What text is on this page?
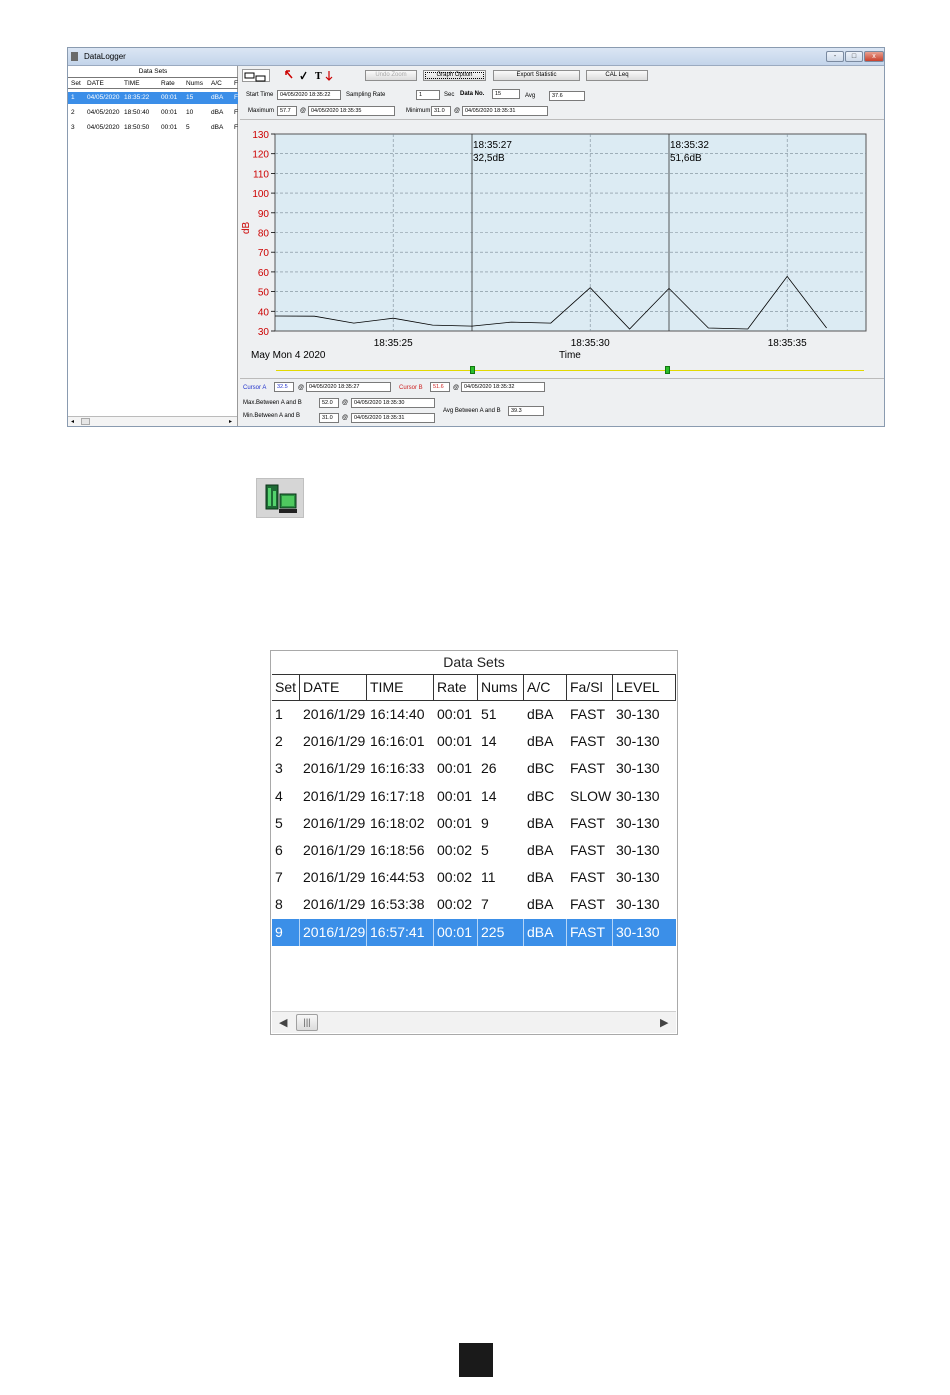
DataLogger	-	□	x
Data Sets
Set DATE	TIME	Rate Nums A/C F
1 04/05/2020 18:35:22 00:01 15	dBA F
2 04/05/2020 18:50:40 00:01 10	dBA F
3 04/05/2020 18:50:50 00:01 5	dBA F
◂	▸
T	Undo Zoom	Graph Option	Export Statistic	CAL Leq
Start Time	04/05/2020 18:35:22	Sampling Rate	1	Sec Data No.	15	Avg	37.6
Maximum	57.7	@ 04/05/2020 18:35:35	Minimum 31.0	@ 04/05/2020 18:35:31
Cursor A	32.5	@ 04/05/2020 18:35:27	Cursor B	51.6	@ 04/05/2020 18:35:32
Max.Between A and B	52.0	@	04/05/2020 18:35:30
Avg Between A and B	39.3
Min.Between A and B	31.0	@	04/05/2020 18:35:31
30
40
50
60
70
80
90
100
110
120
130
18:35:25	18:35:30	18:35:35
18:35:27
32,5dB
18:35:32
51,6dB
dB
May Mon 4 2020	Time
Data Sets
Set DATE TIME Rate Nums A/C Fa/Sl LEVEL
1 2016/1/29 16:14:40 00:01 51 dBA FAST 30-130
2 2016/1/29 16:16:01 00:01 14 dBA FAST 30-130
3 2016/1/29 16:16:33 00:01 26 dBC FAST 30-130
4 2016/1/29 16:17:18 00:01 14 dBC SLOW 30-130
5 2016/1/29 16:18:02 00:01 9	dBA FAST 30-130
6 2016/1/29 16:18:56 00:02 5	dBA FAST 30-130
7 2016/1/29 16:44:53 00:02 11 dBA FAST 30-130
8 2016/1/29 16:53:38 00:02 7	dBA FAST 30-130
9 2016/1/29 16:57:41 00:01 225 dBA FAST 30-130
◀	|||	▶
